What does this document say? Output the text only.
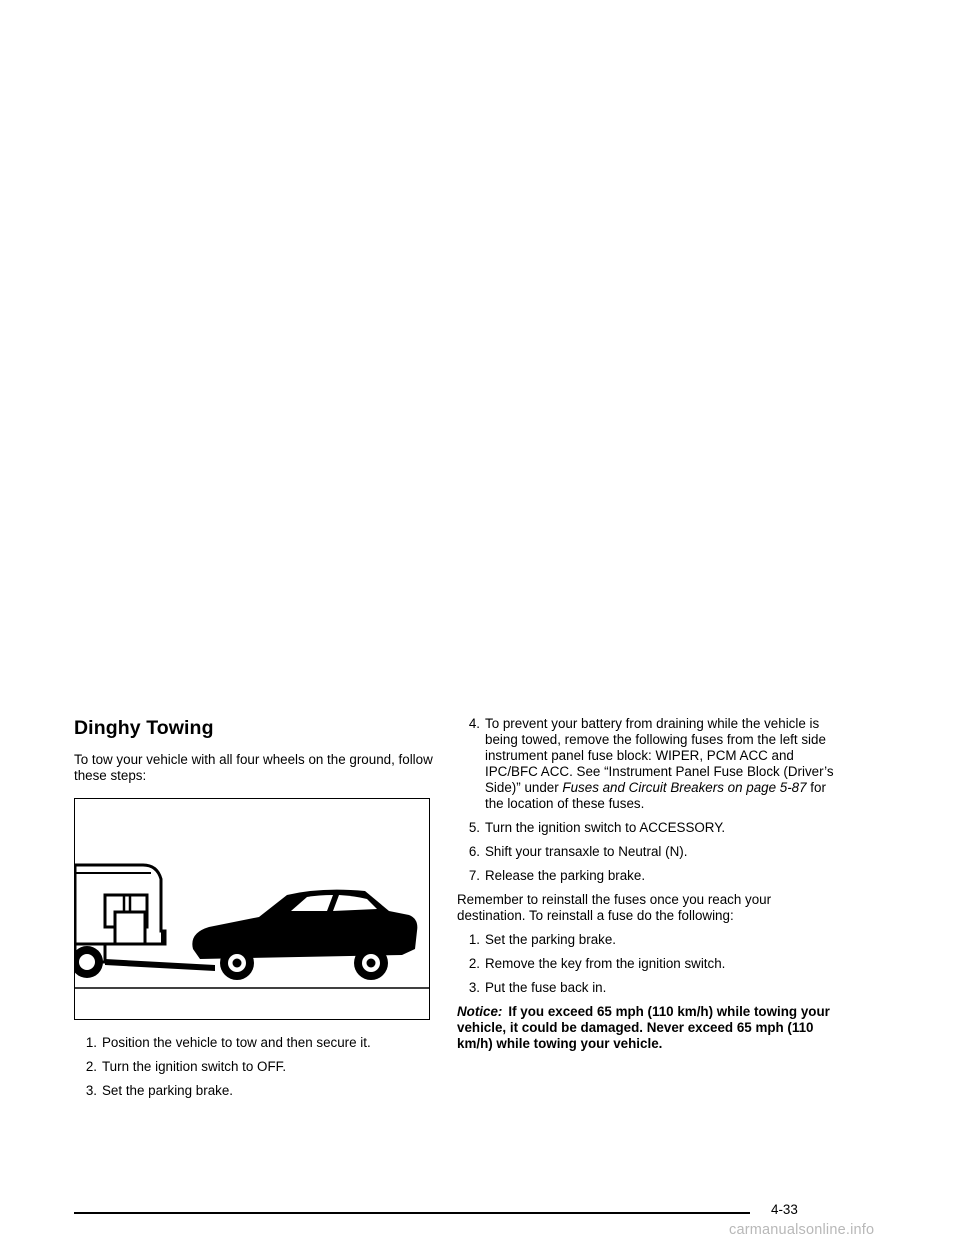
Dinghy Towing

To tow your vehicle with all four wheels on the ground, follow these steps:

1. Position the vehicle to tow and then secure it.
2. Turn the ignition switch to OFF.
3. Set the parking brake.
4. To prevent your battery from draining while the vehicle is being towed, remove the following fuses from the left side instrument panel fuse block: WIPER, PCM ACC and IPC/BFC ACC. See “Instrument Panel Fuse Block (Driver’s Side)” under Fuses and Circuit Breakers on page 5-87 for the location of these fuses.
5. Turn the ignition switch to ACCESSORY.
6. Shift your transaxle to Neutral (N).
7. Release the parking brake.

Remember to reinstall the fuses once you reach your destination. To reinstall a fuse do the following:

1. Set the parking brake.
2. Remove the key from the ignition switch.
3. Put the fuse back in.

Notice: If you exceed 65 mph (110 km/h) while towing your vehicle, it could be damaged. Never exceed 65 mph (110 km/h) while towing your vehicle.

4-33
carmanualsonline.info
